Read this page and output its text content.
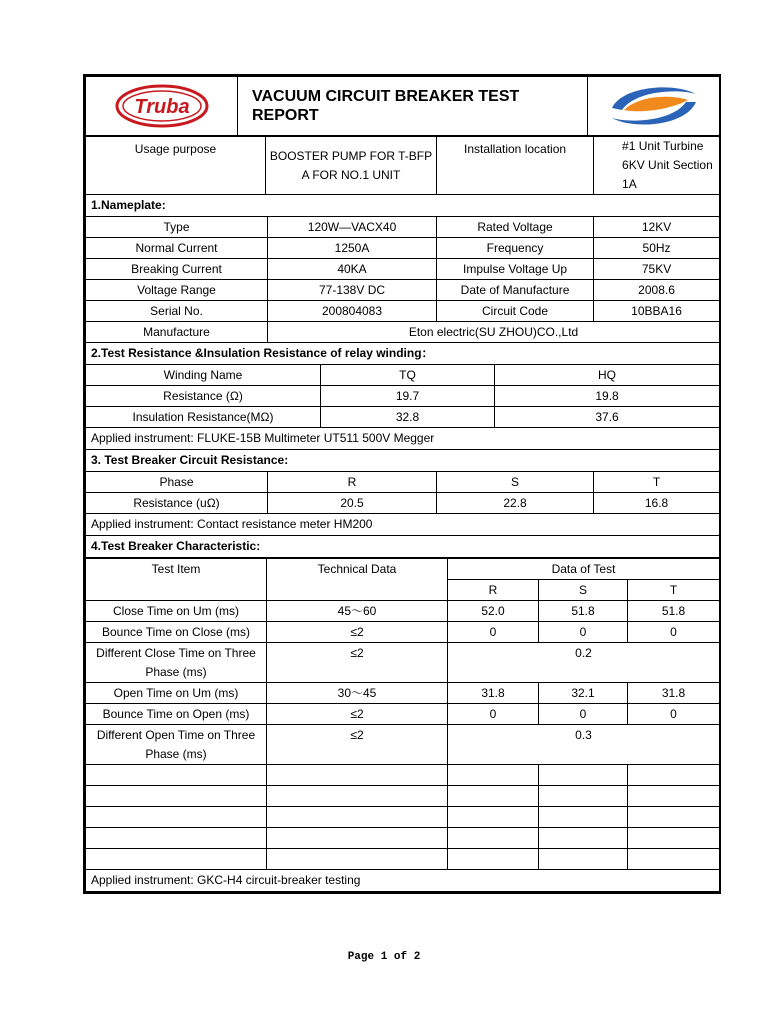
Truba	VACUUM CIRCUIT BREAKER TEST REPORT	
Usage purpose	BOOSTER PUMP FOR T-BFP A FOR NO.1 UNIT			Installation location		#1 Unit Turbine
6KV Unit Section 1A

1.Nameplate:						
Type		120W—VACX40		Rated Voltage		12KV
Normal Current		1250A		Frequency		50Hz
Breaking Current		40KA		Impulse Voltage Up		75KV
Voltage Range		77-138V DC		Date of Manufacture		2008.6
Serial No.		200804083		Circuit Code		10BBA16
Manufacture		Eton electric(SU ZHOU)CO.,Ltd				
2.Test Resistance &Insulation Resistance of relay winding：						
Winding Name			TQ		HQ	
Resistance (Ω)			19.7		19.8	
Insulation Resistance(MΩ)			32.8		37.6	
Applied instrument: FLUKE-15B Multimeter UT511 500V Megger						
3. Test Breaker Circuit Resistance:						
Phase		R		S		T
Resistance (uΩ)		20.5		22.8		16.8
Applied instrument: Contact resistance meter HM200						
4.Test Breaker Characteristic:						
Test Item	Technical Data	Data of Test		
		R	S	T
Close Time on Um (ms)	45～60	52.0	51.8	51.8
Bounce Time on Close (ms)	≤2	0	0	0

Different Close Time on Three
Phase (ms)	≤2	0.2		
Open Time on Um (ms)	30～45	31.8	32.1	31.8
Bounce Time on Open (ms)	≤2	0	0	0

Different Open Time on Three
Phase (ms)	≤2	0.3		

Applied instrument: GKC-H4 circuit-breaker testing				
Page 1 of 2
